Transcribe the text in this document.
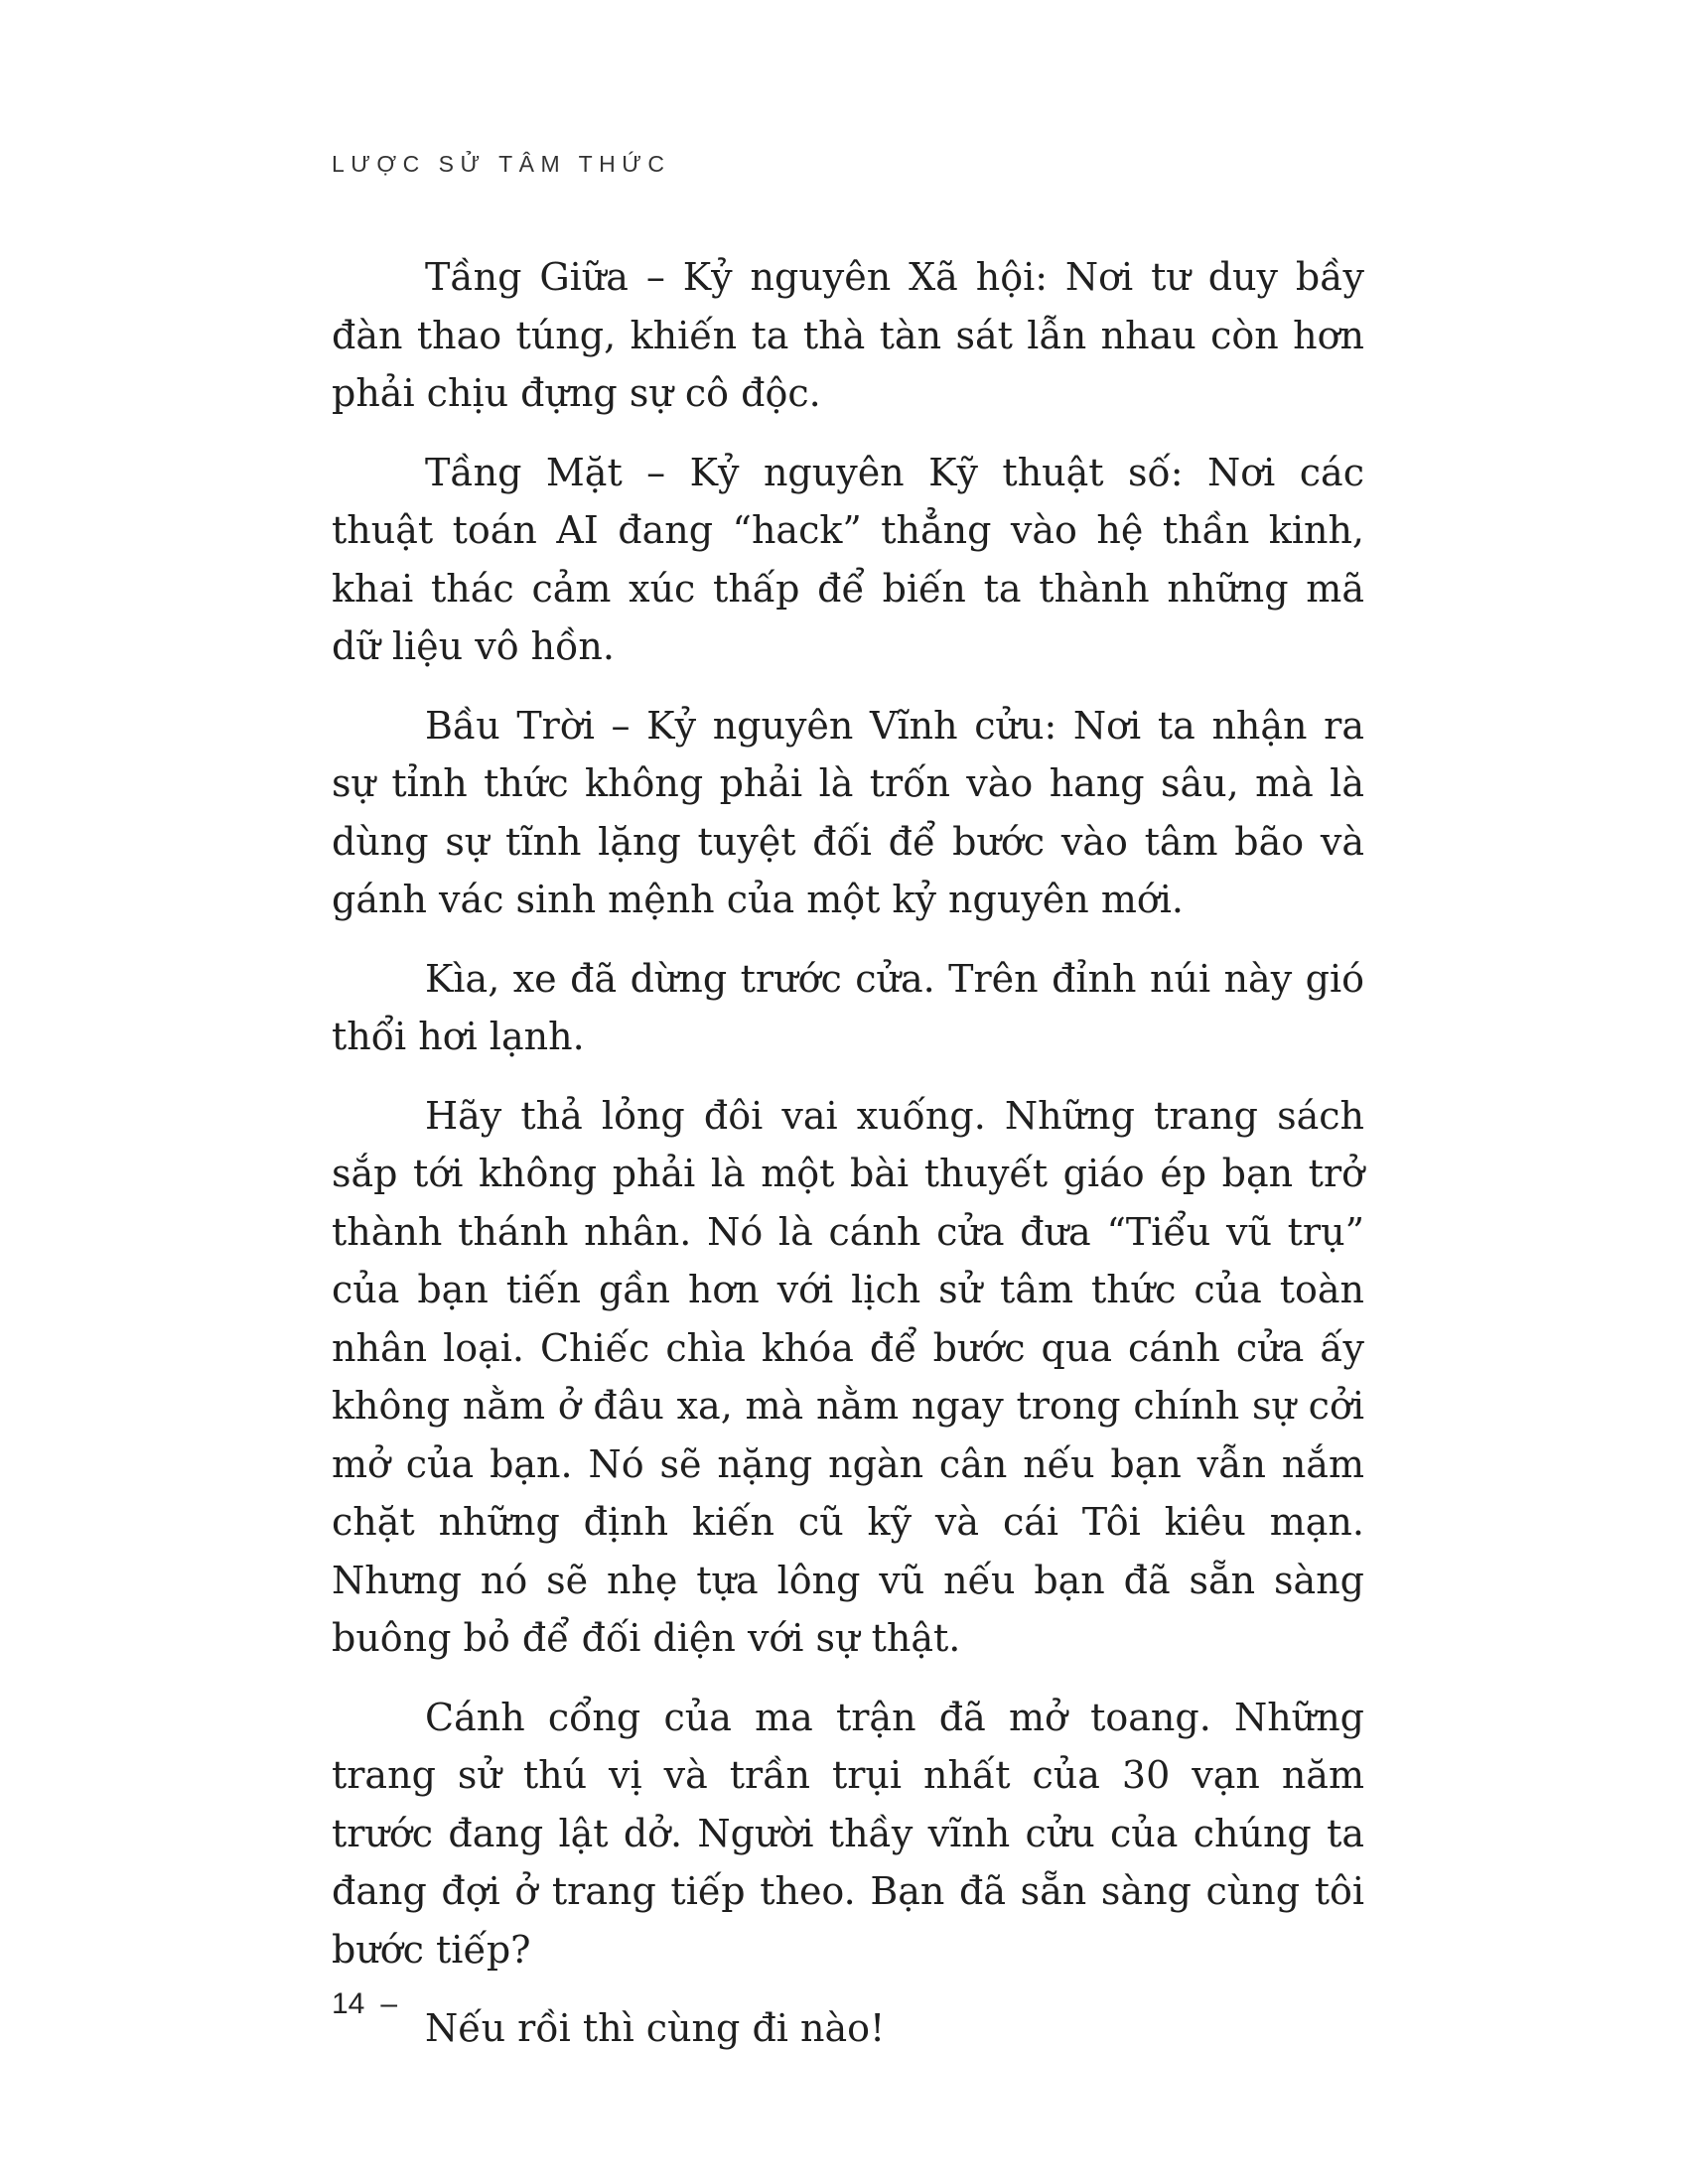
LƯỢC SỬ TÂM THỨC

Tầng Giữa – Kỷ nguyên Xã hội: Nơi tư duy bầy đàn thao túng, khiến ta thà tàn sát lẫn nhau còn hơn phải chịu đựng sự cô độc.

Tầng Mặt – Kỷ nguyên Kỹ thuật số: Nơi các thuật toán AI đang “hack” thẳng vào hệ thần kinh, khai thác cảm xúc thấp để biến ta thành những mã dữ liệu vô hồn.

Bầu Trời – Kỷ nguyên Vĩnh cửu: Nơi ta nhận ra sự tỉnh thức không phải là trốn vào hang sâu, mà là dùng sự tĩnh lặng tuyệt đối để bước vào tâm bão và gánh vác sinh mệnh của một kỷ nguyên mới.

Kìa, xe đã dừng trước cửa. Trên đỉnh núi này gió thổi hơi lạnh.

Hãy thả lỏng đôi vai xuống. Những trang sách sắp tới không phải là một bài thuyết giáo ép bạn trở thành thánh nhân. Nó là cánh cửa đưa “Tiểu vũ trụ” của bạn tiến gần hơn với lịch sử tâm thức của toàn nhân loại. Chiếc chìa khóa để bước qua cánh cửa ấy không nằm ở đâu xa, mà nằm ngay trong chính sự cởi mở của bạn. Nó sẽ nặng ngàn cân nếu bạn vẫn nắm chặt những định kiến cũ kỹ và cái Tôi kiêu mạn. Nhưng nó sẽ nhẹ tựa lông vũ nếu bạn đã sẵn sàng buông bỏ để đối diện với sự thật.

Cánh cổng của ma trận đã mở toang. Những trang sử thú vị và trần trụi nhất của 30 vạn năm trước đang lật dở. Người thầy vĩnh cửu của chúng ta đang đợi ở trang tiếp theo. Bạn đã sẵn sàng cùng tôi bước tiếp?

Nếu rồi thì cùng đi nào!

14 –
